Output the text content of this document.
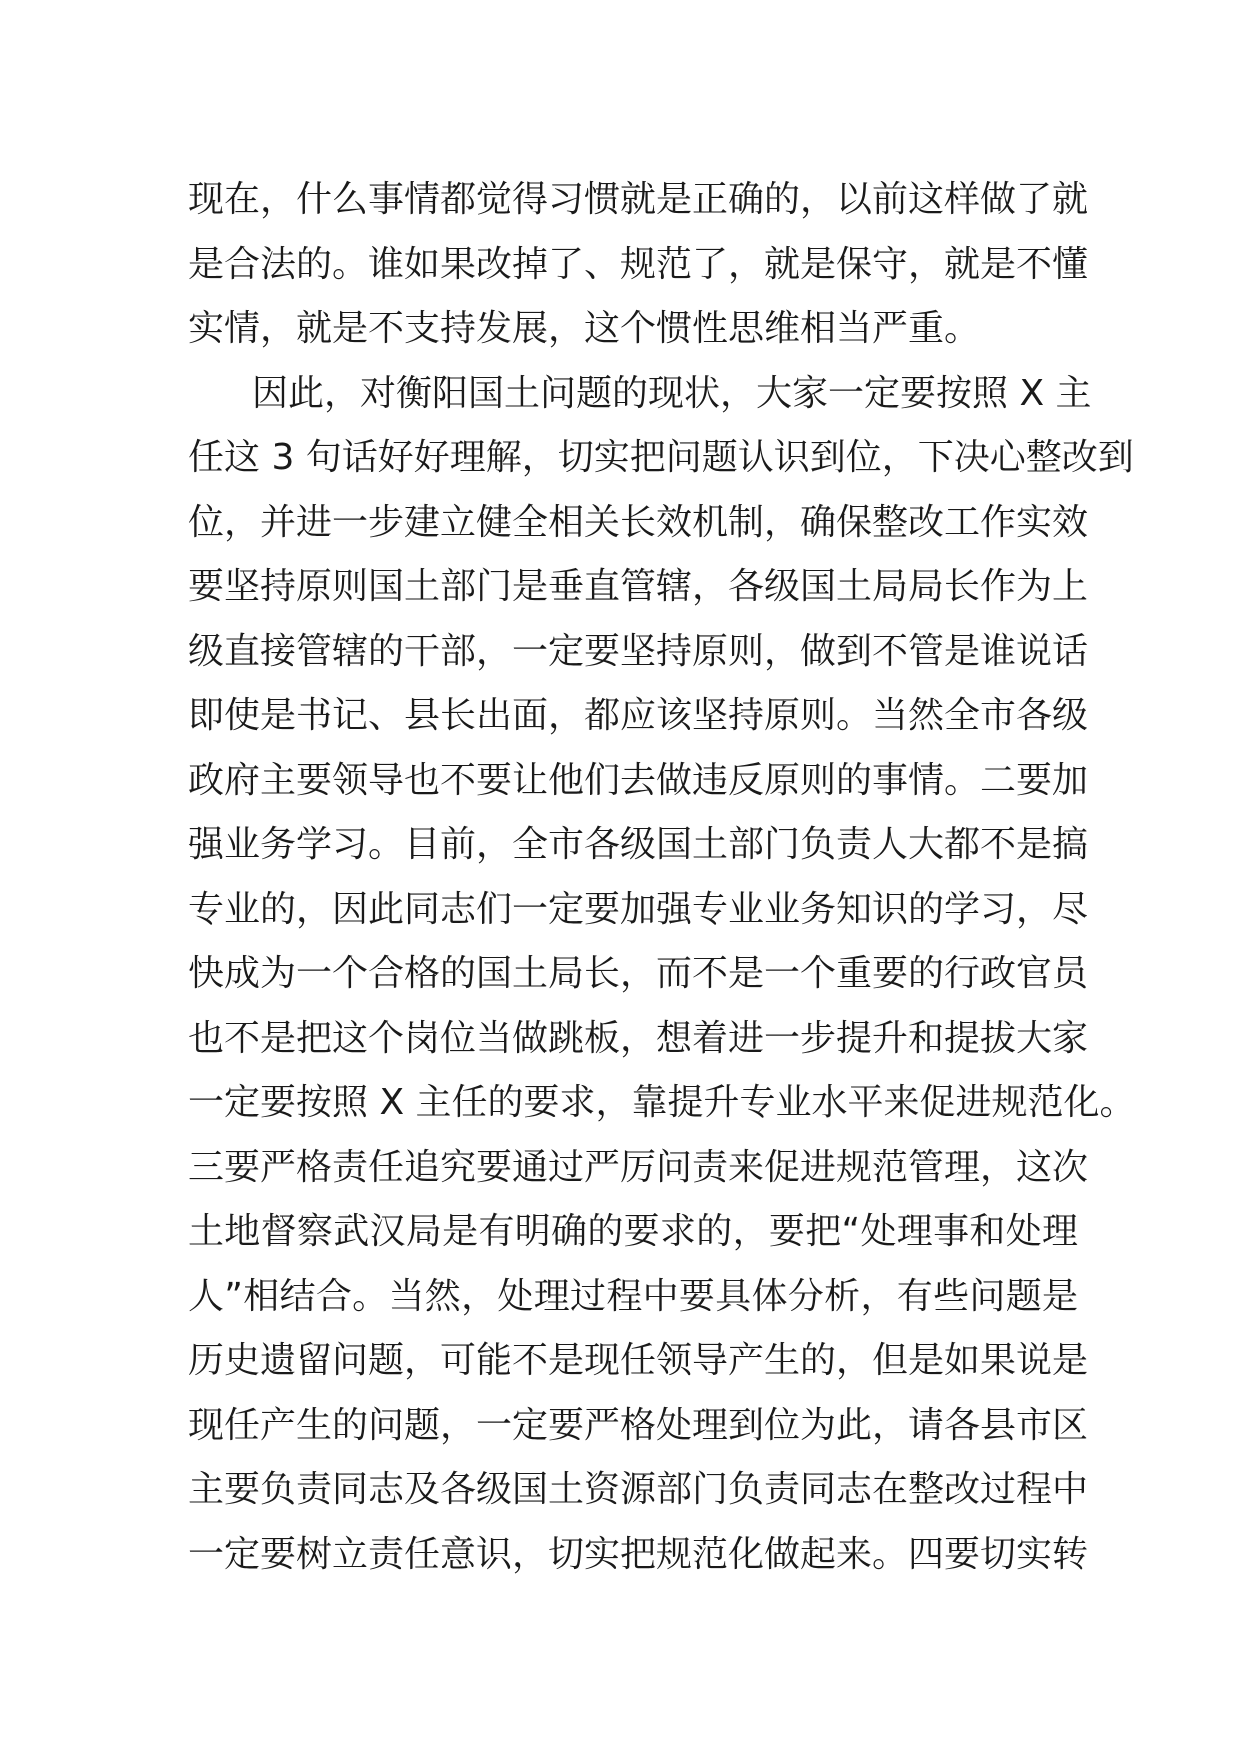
现在，什么事情都觉得习惯就是正确的，以前这样做了就
是合法的。谁如果改掉了、规范了，就是保守，就是不懂
实情，就是不支持发展，这个惯性思维相当严重。
因此，对衡阳国土问题的现状，大家一定要按照 X 主
任这 3 句话好好理解，切实把问题认识到位，下决心整改到
位，并进一步建立健全相关长效机制，确保整改工作实效
要坚持原则国土部门是垂直管辖，各级国土局局长作为上
级直接管辖的干部，一定要坚持原则，做到不管是谁说话
即使是书记、县长出面，都应该坚持原则。当然全市各级
政府主要领导也不要让他们去做违反原则的事情。二要加
强业务学习。目前，全市各级国土部门负责人大都不是搞
专业的，因此同志们一定要加强专业业务知识的学习，尽
快成为一个合格的国土局长，而不是一个重要的行政官员
也不是把这个岗位当做跳板，想着进一步提升和提拔大家
一定要按照 X 主任的要求，靠提升专业水平来促进规范化。
三要严格责任追究要通过严厉问责来促进规范管理，这次
土地督察武汉局是有明确的要求的，要把“处理事和处理
人”相结合。当然，处理过程中要具体分析，有些问题是
历史遗留问题，可能不是现任领导产生的，但是如果说是
现任产生的问题，一定要严格处理到位为此，请各县市区
主要负责同志及各级国土资源部门负责同志在整改过程中
一定要树立责任意识，切实把规范化做起来。四要切实转
